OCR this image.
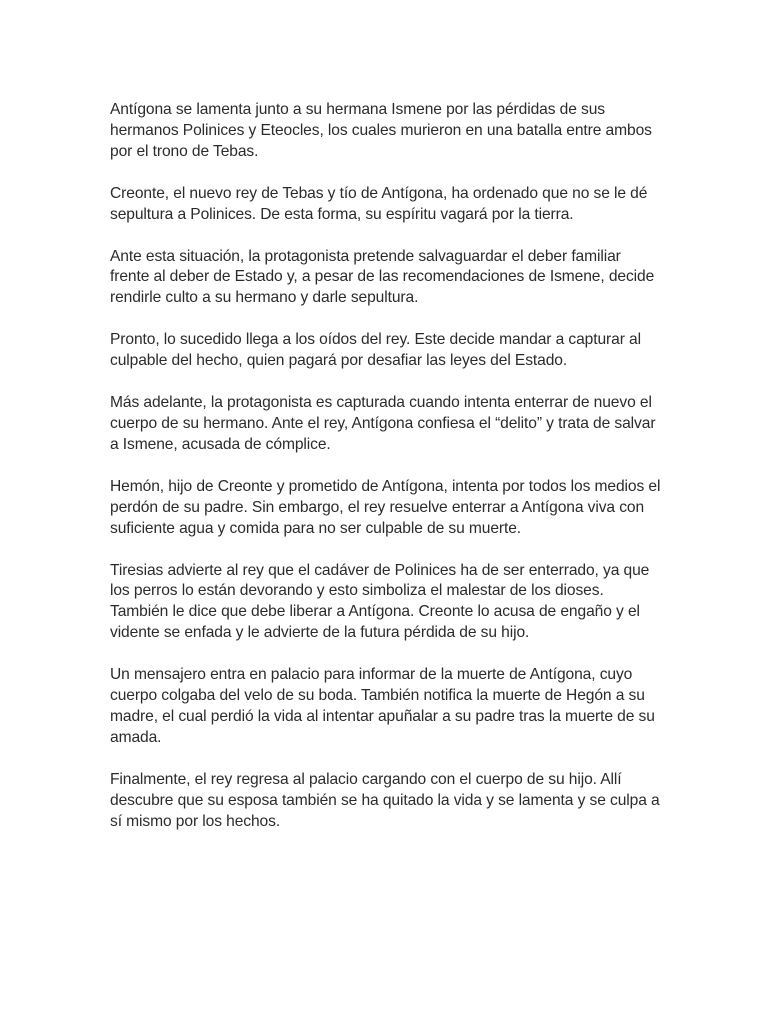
Antígona se lamenta junto a su hermana Ismene por las pérdidas de sus hermanos Polinices y Eteocles, los cuales murieron en una batalla entre ambos por el trono de Tebas.

Creonte, el nuevo rey de Tebas y tío de Antígona, ha ordenado que no se le dé sepultura a Polinices. De esta forma, su espíritu vagará por la tierra.

Ante esta situación, la protagonista pretende salvaguardar el deber familiar frente al deber de Estado y, a pesar de las recomendaciones de Ismene, decide rendirle culto a su hermano y darle sepultura.

Pronto, lo sucedido llega a los oídos del rey. Este decide mandar a capturar al culpable del hecho, quien pagará por desafiar las leyes del Estado.

Más adelante, la protagonista es capturada cuando intenta enterrar de nuevo el cuerpo de su hermano. Ante el rey, Antígona confiesa el “delito” y trata de salvar a Ismene, acusada de cómplice.

Hemón, hijo de Creonte y prometido de Antígona, intenta por todos los medios el perdón de su padre. Sin embargo, el rey resuelve enterrar a Antígona viva con suficiente agua y comida para no ser culpable de su muerte.

Tiresias advierte al rey que el cadáver de Polinices ha de ser enterrado, ya que los perros lo están devorando y esto simboliza el malestar de los dioses. También le dice que debe liberar a Antígona. Creonte lo acusa de engaño y el vidente se enfada y le advierte de la futura pérdida de su hijo.

Un mensajero entra en palacio para informar de la muerte de Antígona, cuyo cuerpo colgaba del velo de su boda. También notifica la muerte de Hegón a su madre, el cual perdió la vida al intentar apuñalar a su padre tras la muerte de su amada.

Finalmente, el rey regresa al palacio cargando con el cuerpo de su hijo. Allí descubre que su esposa también se ha quitado la vida y se lamenta y se culpa a sí mismo por los hechos.
